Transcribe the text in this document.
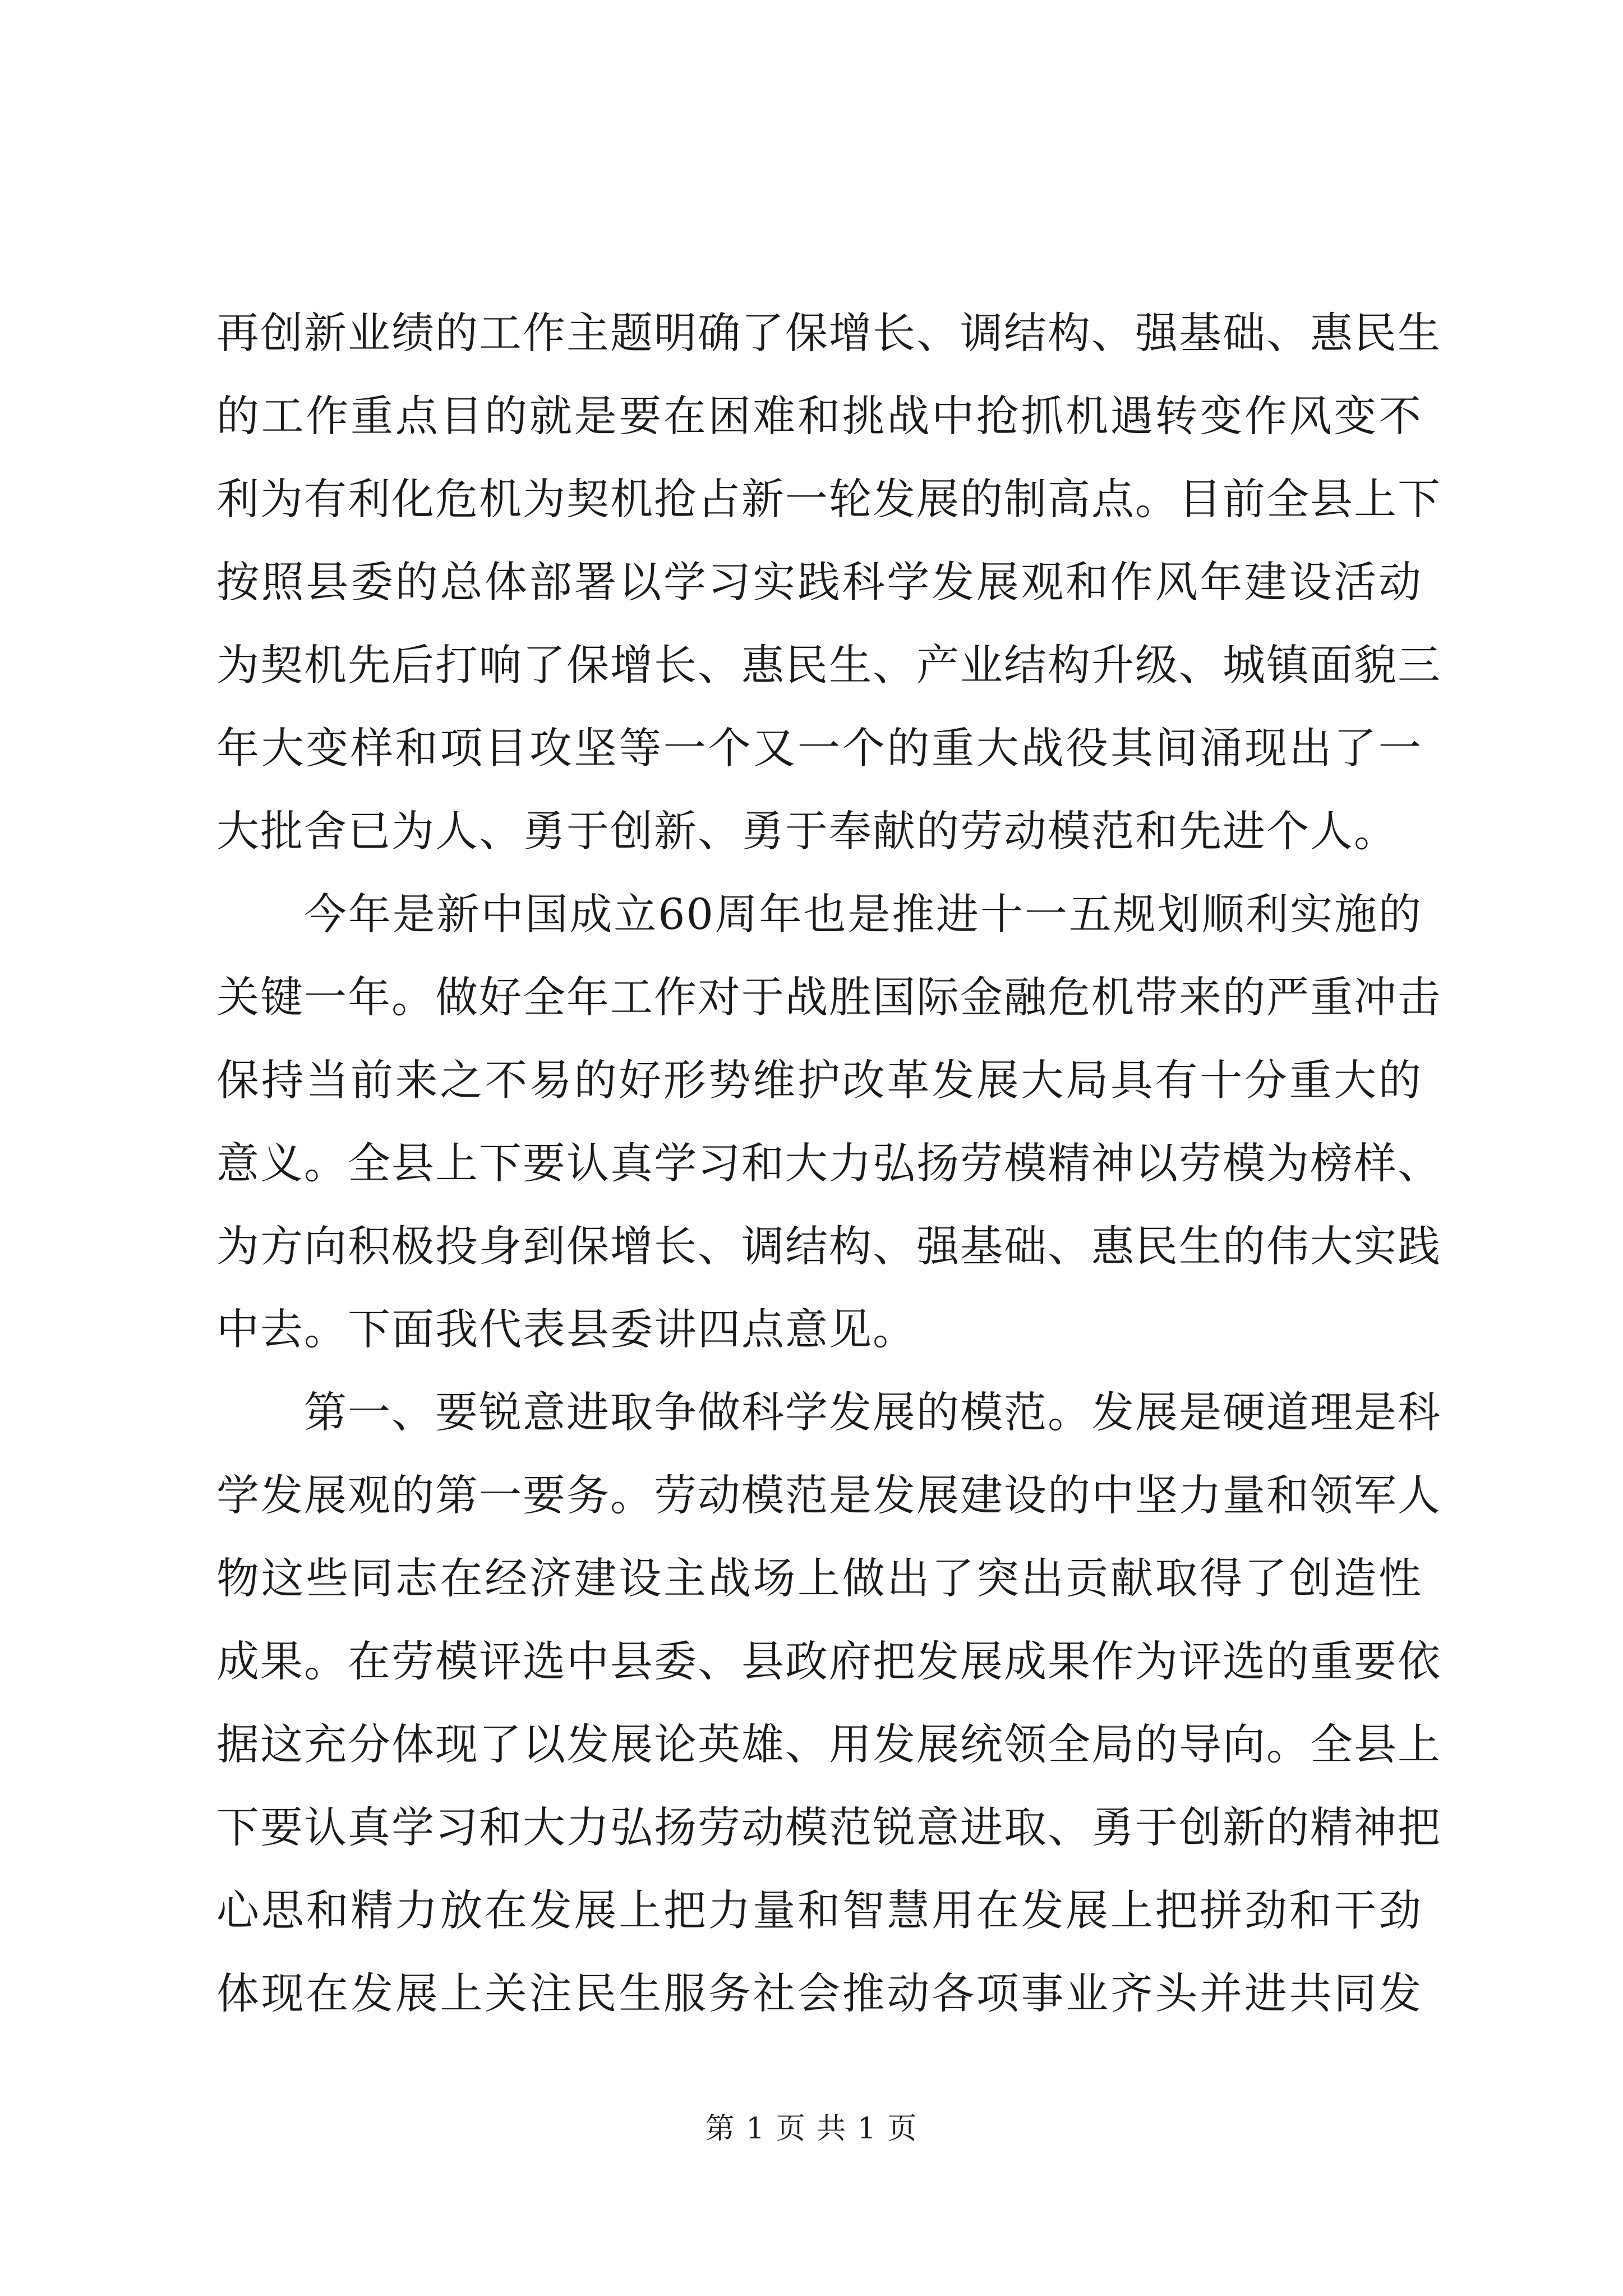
再创新业绩的工作主题明确了保增长、调结构、强基础、惠民生
的工作重点目的就是要在困难和挑战中抢抓机遇转变作风变不
利为有利化危机为契机抢占新一轮发展的制高点。目前全县上下
按照县委的总体部署以学习实践科学发展观和作风年建设活动
为契机先后打响了保增长、惠民生、产业结构升级、城镇面貌三
年大变样和项目攻坚等一个又一个的重大战役其间涌现出了一
大批舍已为人、勇于创新、勇于奉献的劳动模范和先进个人。
今年是新中国成立60周年也是推进十一五规划顺利实施的
关键一年。做好全年工作对于战胜国际金融危机带来的严重冲击
保持当前来之不易的好形势维护改革发展大局具有十分重大的
意义。全县上下要认真学习和大力弘扬劳模精神以劳模为榜样、
为方向积极投身到保增长、调结构、强基础、惠民生的伟大实践
中去。下面我代表县委讲四点意见。
第一、要锐意进取争做科学发展的模范。发展是硬道理是科
学发展观的第一要务。劳动模范是发展建设的中坚力量和领军人
物这些同志在经济建设主战场上做出了突出贡献取得了创造性
成果。在劳模评选中县委、县政府把发展成果作为评选的重要依
据这充分体现了以发展论英雄、用发展统领全局的导向。全县上
下要认真学习和大力弘扬劳动模范锐意进取、勇于创新的精神把
心思和精力放在发展上把力量和智慧用在发展上把拼劲和干劲
体现在发展上关注民生服务社会推动各项事业齐头并进共同发
第 1 页 共 1 页
